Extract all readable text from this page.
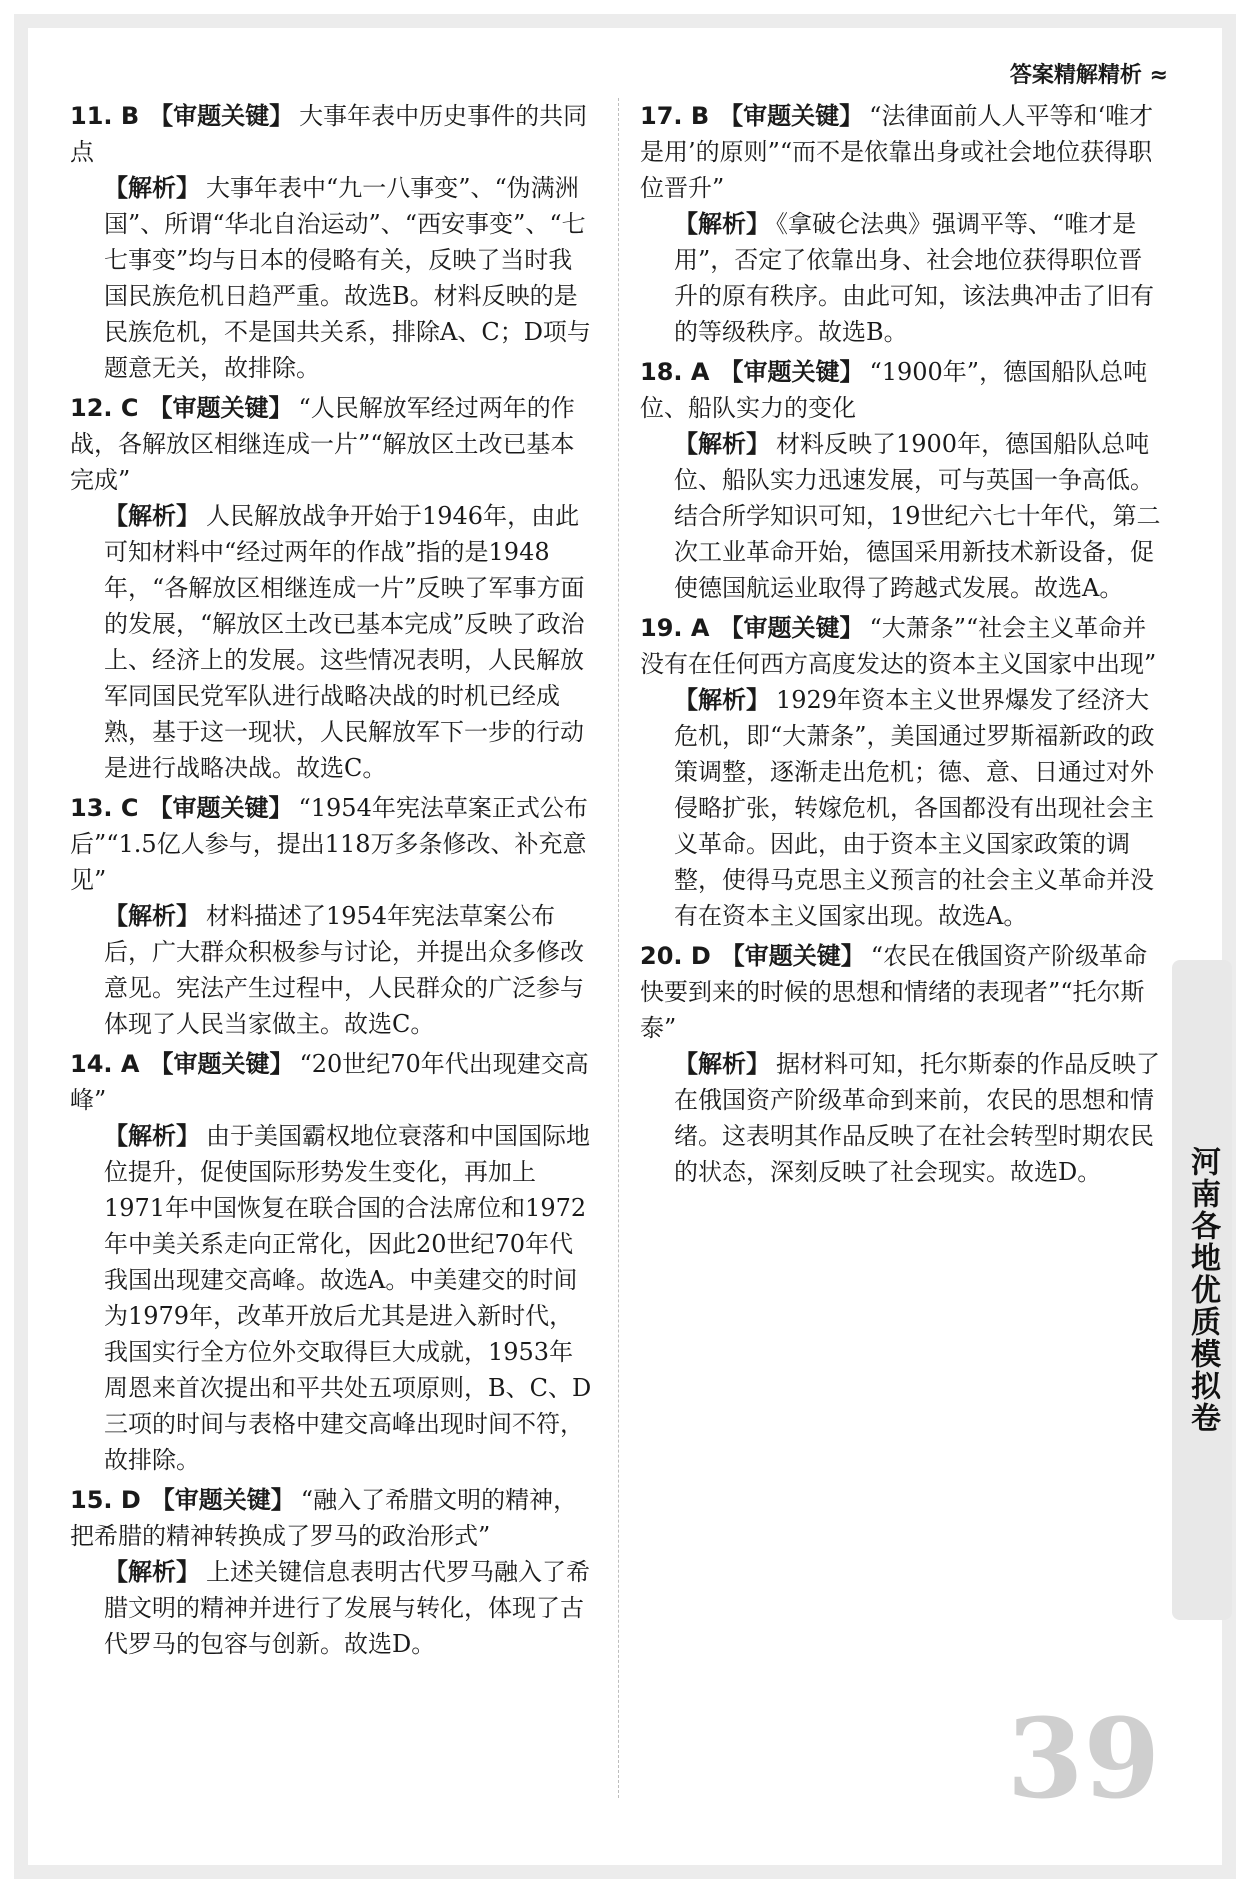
答案精解精析 ≈
11. B 【审题关键】 大事年表中历史事件的共同点
【解析】 大事年表中“九一八事变”、“伪满洲国”、所谓“华北自治运动”、“西安事变”、“七七事变”均与日本的侵略有关，反映了当时我国民族危机日趋严重。故选B。材料反映的是民族危机，不是国共关系，排除A、C；D项与题意无关，故排除。
12. C 【审题关键】 “人民解放军经过两年的作战，各解放区相继连成一片”“解放区土改已基本完成”
【解析】 人民解放战争开始于1946年，由此可知材料中“经过两年的作战”指的是1948年，“各解放区相继连成一片”反映了军事方面的发展，“解放区土改已基本完成”反映了政治上、经济上的发展。这些情况表明，人民解放军同国民党军队进行战略决战的时机已经成熟，基于这一现状，人民解放军下一步的行动是进行战略决战。故选C。
13. C 【审题关键】 “1954年宪法草案正式公布后”“1.5亿人参与，提出118万多条修改、补充意见”
【解析】 材料描述了1954年宪法草案公布后，广大群众积极参与讨论，并提出众多修改意见。宪法产生过程中，人民群众的广泛参与体现了人民当家做主。故选C。
14. A 【审题关键】 “20世纪70年代出现建交高峰”
【解析】 由于美国霸权地位衰落和中国国际地位提升，促使国际形势发生变化，再加上1971年中国恢复在联合国的合法席位和1972年中美关系走向正常化，因此20世纪70年代我国出现建交高峰。故选A。中美建交的时间为1979年，改革开放后尤其是进入新时代，我国实行全方位外交取得巨大成就，1953年周恩来首次提出和平共处五项原则，B、C、D三项的时间与表格中建交高峰出现时间不符，故排除。
15. D 【审题关键】 “融入了希腊文明的精神，把希腊的精神转换成了罗马的政治形式”
【解析】 上述关键信息表明古代罗马融入了希腊文明的精神并进行了发展与转化，体现了古代罗马的包容与创新。故选D。
17. B 【审题关键】 “法律面前人人平等和‘唯才是用’的原则”“而不是依靠出身或社会地位获得职位晋升”
【解析】 《拿破仑法典》强调平等、“唯才是用”，否定了依靠出身、社会地位获得职位晋升的原有秩序。由此可知，该法典冲击了旧有的等级秩序。故选B。
18. A 【审题关键】 “1900年”，德国船队总吨位、船队实力的变化
【解析】 材料反映了1900年，德国船队总吨位、船队实力迅速发展，可与英国一争高低。结合所学知识可知，19世纪六七十年代，第二次工业革命开始，德国采用新技术新设备，促使德国航运业取得了跨越式发展。故选A。
19. A 【审题关键】 “大萧条”“社会主义革命并没有在任何西方高度发达的资本主义国家中出现”
【解析】 1929年资本主义世界爆发了经济大危机，即“大萧条”，美国通过罗斯福新政的政策调整，逐渐走出危机；德、意、日通过对外侵略扩张，转嫁危机，各国都没有出现社会主义革命。因此，由于资本主义国家政策的调整，使得马克思主义预言的社会主义革命并没有在资本主义国家出现。故选A。
20. D 【审题关键】 “农民在俄国资产阶级革命快要到来的时候的思想和情绪的表现者”“托尔斯泰”
【解析】 据材料可知，托尔斯泰的作品反映了在俄国资产阶级革命到来前，农民的思想和情绪。这表明其作品反映了在社会转型时期农民的状态，深刻反映了社会现实。故选D。	河南各地优质模拟卷
39
